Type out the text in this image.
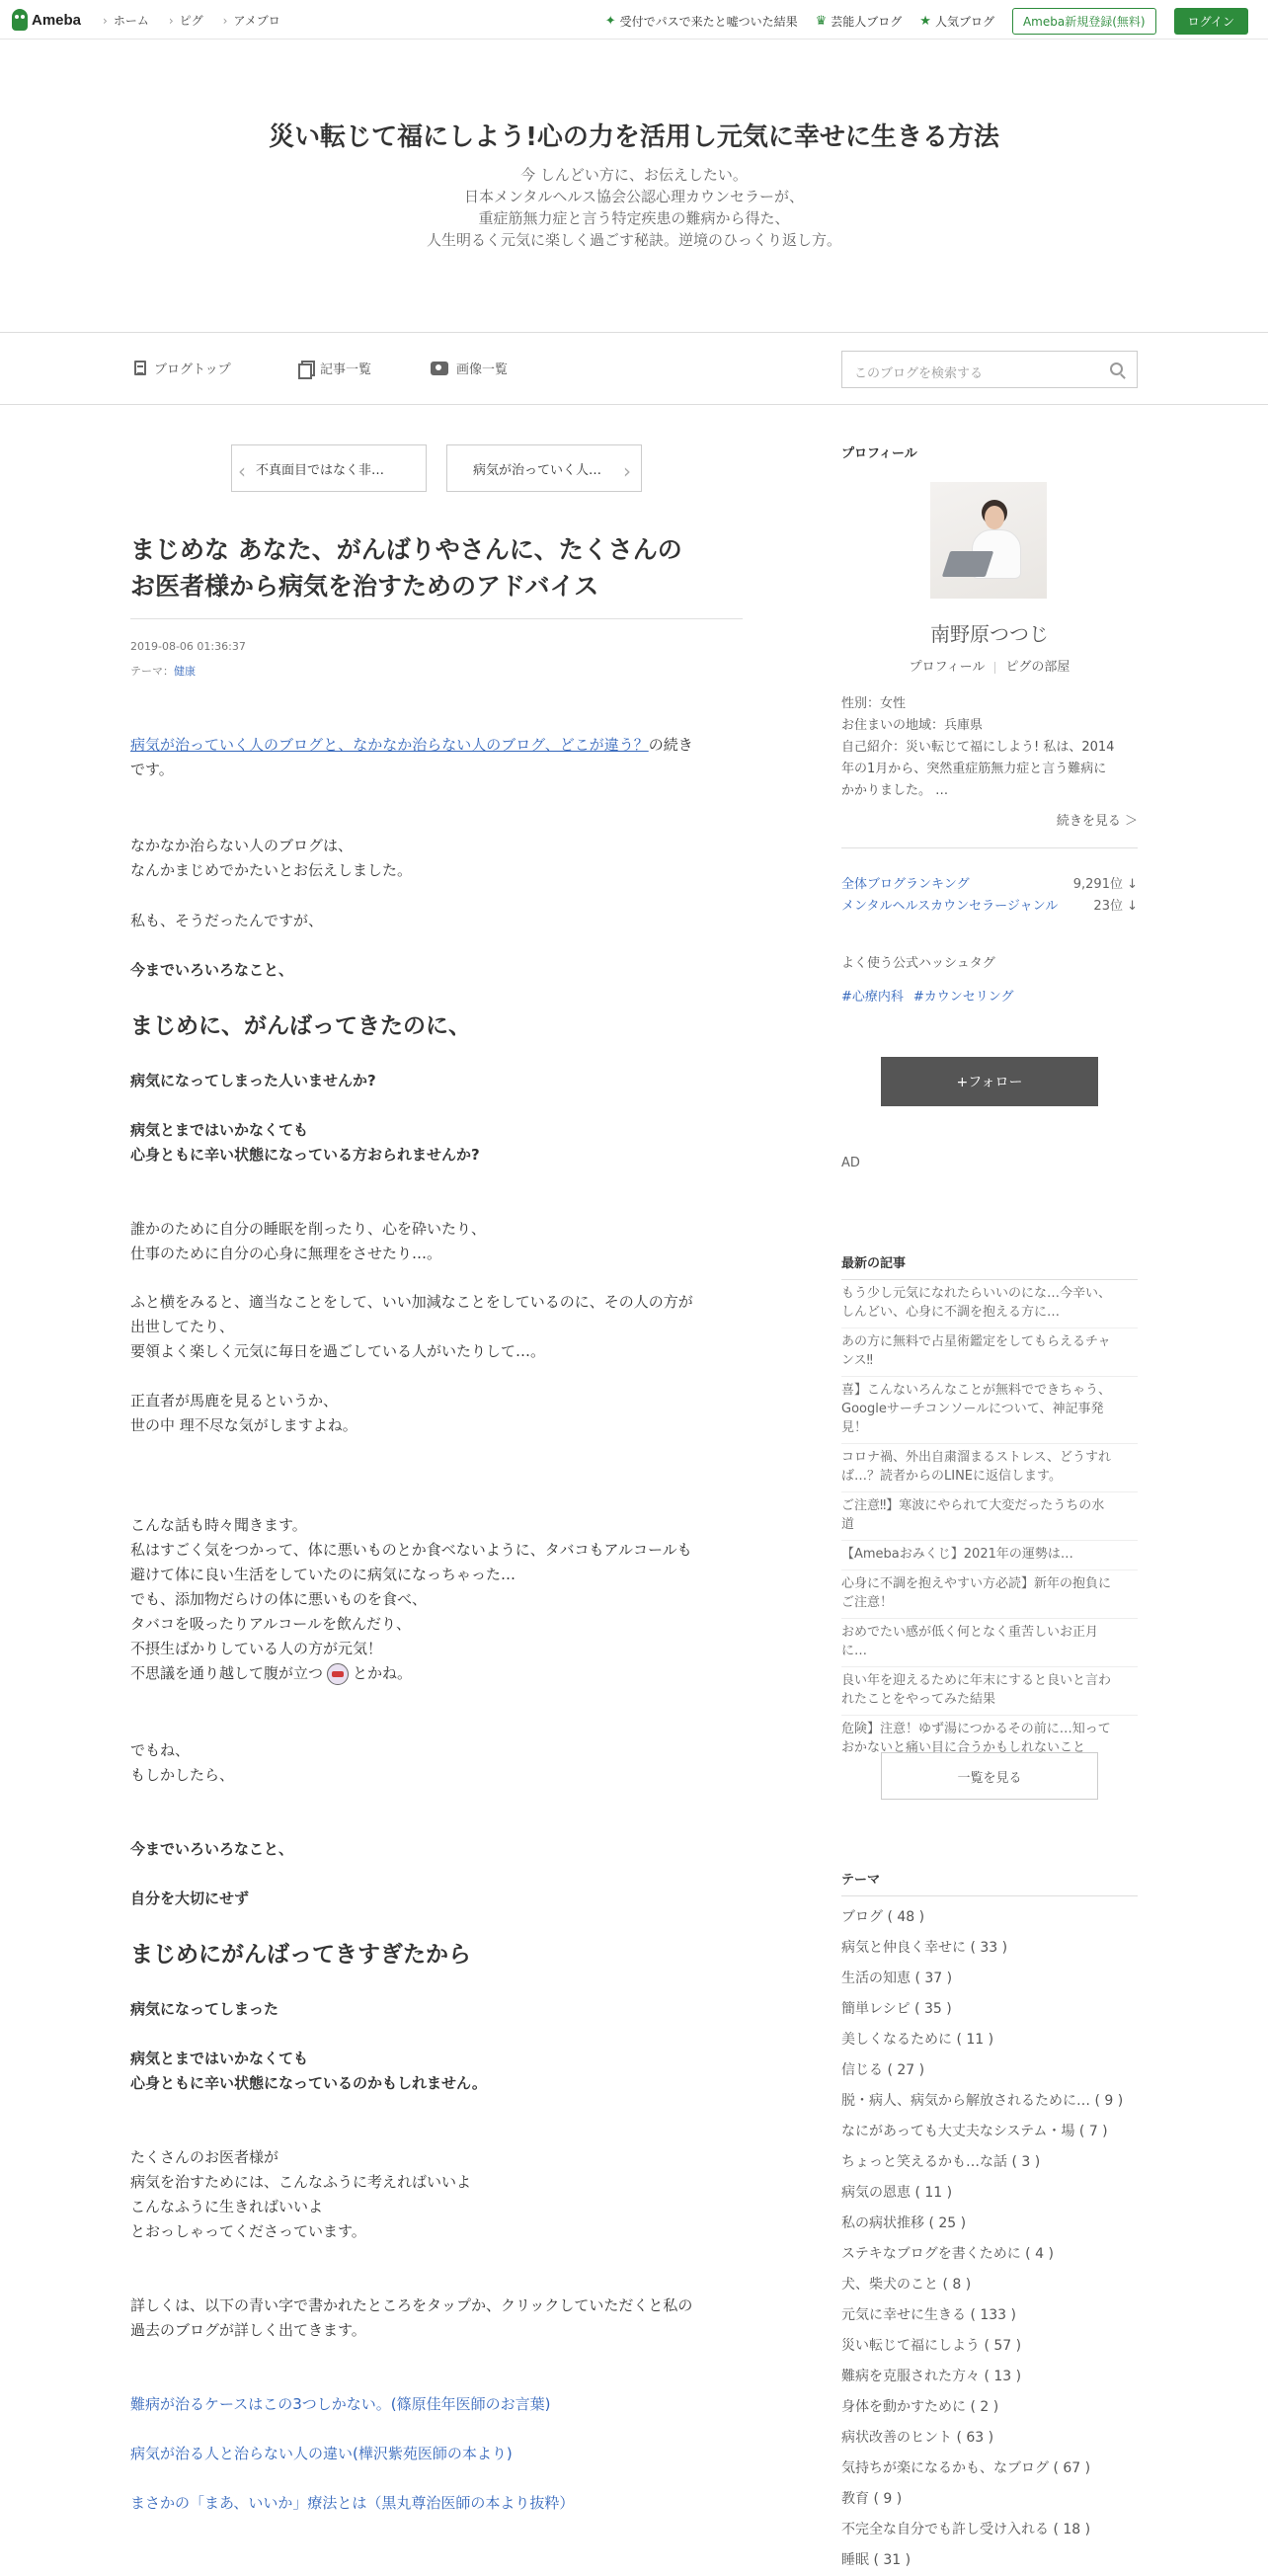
Ameba	› ホーム	› ピグ	› アメブロ	✦ 受付でパスで来たと嘘ついた結果 ♛ 芸能人ブログ ★ 人気ブログ	Ameba新規登録(無料)	ログイン
災い転じて福にしよう!心の力を活用し元気に幸せに生きる方法
今 しんどい方に、お伝えしたい。
日本メンタルヘルス協会公認心理カウンセラーが、
重症筋無力症と言う特定疾患の難病から得た、
人生明るく元気に楽しく過ごす秘訣。逆境のひっくり返し方。
ブログトップ	記事一覧	画像一覧	このブログを検索する
‹ 不真面目ではなく非…	病気が治っていく人… ›
まじめな あなた、がんばりやさんに、たくさんの
お医者様から病気を治すためのアドバイス
2019-08-06 01:36:37
テーマ：健康
病気が治っていく人のブログと、なかなか治らない人のブログ、どこが違う？の続き
です。
なかなか治らない人のブログは、
なんかまじめでかたいとお伝えしました。
私も、そうだったんですが、
今までいろいろなこと、
まじめに、がんばってきたのに、
病気になってしまった人いませんか?
病気とまではいかなくても
心身ともに辛い状態になっている方おられませんか?
誰かのために自分の睡眠を削ったり、心を砕いたり、
仕事のために自分の心身に無理をさせたり…。
ふと横をみると、適当なことをして、いい加減なことをしているのに、その人の方が
出世してたり、
要領よく楽しく元気に毎日を過ごしている人がいたりして…。
正直者が馬鹿を見るというか、
世の中 理不尽な気がしますよね。
こんな話も時々聞きます。
私はすごく気をつかって、体に悪いものとか食べないように、タバコもアルコールも
避けて体に良い生活をしていたのに病気になっちゃった…
でも、添加物だらけの体に悪いものを食べ、
タバコを吸ったりアルコールを飲んだり、
不摂生ばかりしている人の方が元気！
不思議を通り越して腹が立つ とかね。
でもね、
もしかしたら、
今までいろいろなこと、
自分を大切にせず
まじめにがんばってきすぎたから
病気になってしまった
病気とまではいかなくても
心身ともに辛い状態になっているのかもしれません。
たくさんのお医者様が
病気を治すためには、こんなふうに考えればいいよ
こんなふうに生きればいいよ
とおっしゃってくださっています。
詳しくは、以下の青い字で書かれたところをタップか、クリックしていただくと私の
過去のブログが詳しく出てきます。
難病が治るケースはこの3つしかない。(篠原佳年医師のお言葉)
病気が治る人と治らない人の違い(樺沢紫苑医師の本より)
まさかの「まあ、いいか」療法とは（黒丸尊治医師の本より抜粋）
プロフィール
南野原つつじ
プロフィール ピグの部屋
性別：女性
お住まいの地域：兵庫県
自己紹介：災い転じて福にしよう! 私は、2014
年の1月から、突然重症筋無力症と言う難病に
かかりました。 …
続きを見る ＞
全体ブログランキング	9,291位 ↓
メンタルヘルスカウンセラージャンル	23位 ↓
よく使う公式ハッシュタグ
#心療内科 #カウンセリング
+フォロー
AD
最新の記事
もう少し元気になれたらいいのにな…今辛い、
しんどい、心身に不調を抱える方に…
あの方に無料で占星術鑑定をしてもらえるチャ
ンス‼
喜】こんないろんなことが無料でできちゃう、
Googleサーチコンソールについて、神記事発
見！
コロナ禍、外出自粛溜まるストレス、どうすれ
ば…？読者からのLINEに返信します。
ご注意‼】寒波にやられて大変だったうちの水
道
【Amebaおみくじ】2021年の運勢は…
心身に不調を抱えやすい方必読】新年の抱負に
ご注意！
おめでたい感が低く何となく重苦しいお正月
に…
良い年を迎えるために年末にすると良いと言わ
れたことをやってみた結果
危険】注意！ゆず湯につかるその前に…知って
おかないと痛い目に合うかもしれないこと
一覧を見る
テーマ
ブログ ( 48 )
病気と仲良く幸せに ( 33 )
生活の知恵 ( 37 )
簡単レシピ ( 35 )
美しくなるために ( 11 )
信じる ( 27 )
脱・病人、病気から解放されるために… ( 9 )
なにがあっても大丈夫なシステム・場 ( 7 )
ちょっと笑えるかも…な話 ( 3 )
病気の恩恵 ( 11 )
私の病状推移 ( 25 )
ステキなブログを書くために ( 4 )
犬、柴犬のこと ( 8 )
元気に幸せに生きる ( 133 )
災い転じて福にしよう ( 57 )
難病を克服された方々 ( 13 )
身体を動かすために ( 2 )
病状改善のヒント ( 63 )
気持ちが楽になるかも、なブログ ( 67 )
教育 ( 9 )
不完全な自分でも許し受け入れる ( 18 )
睡眠 ( 31 )
